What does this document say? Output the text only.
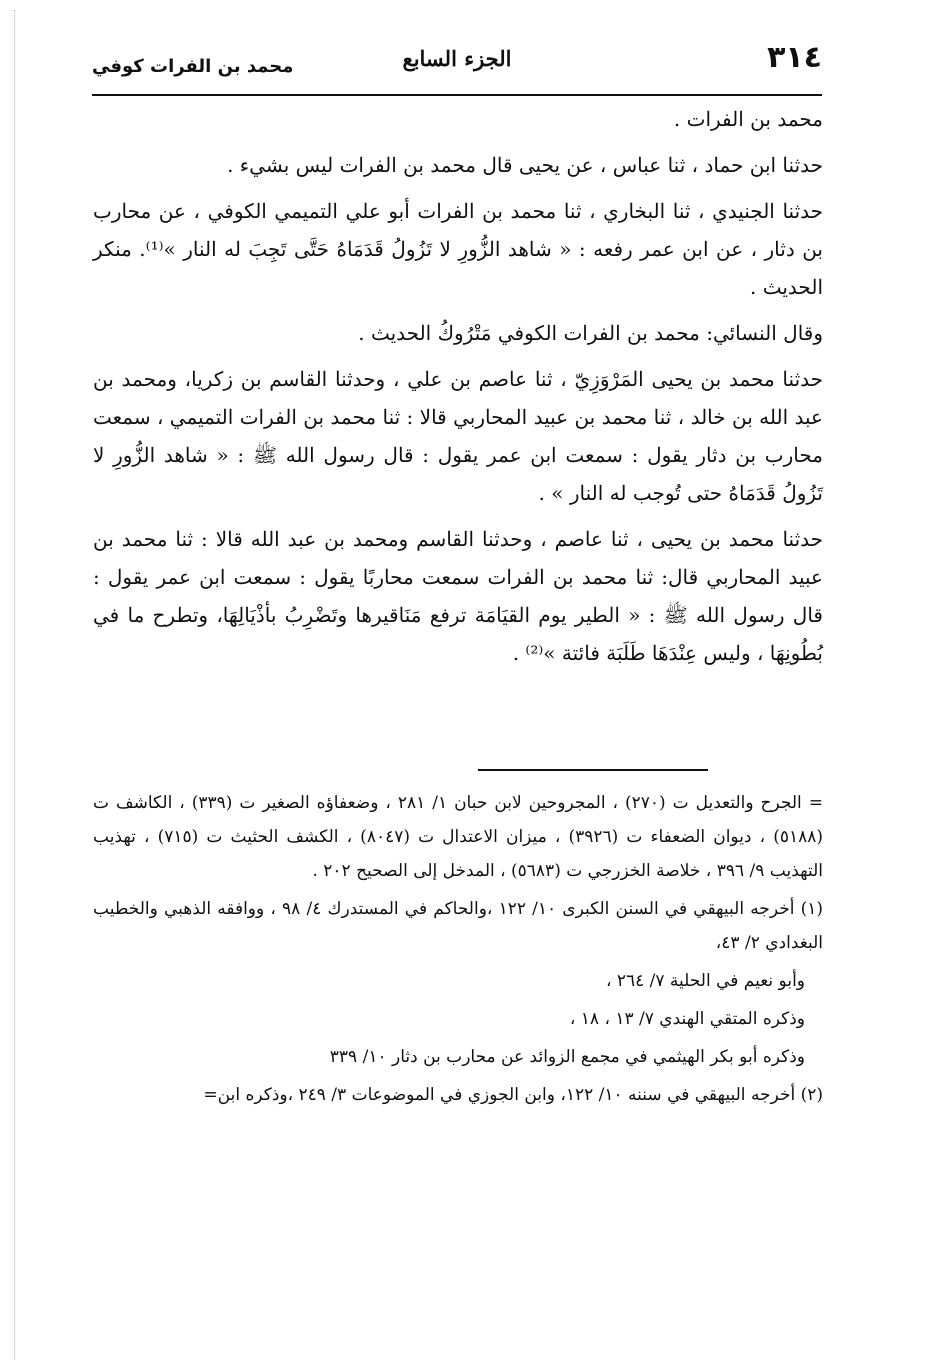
٣١٤
الجزء السابع
محمد بن الفرات كوفي

محمد بن الفرات .

حدثنا ابن حماد ، ثنا عباس ، عن يحيى قال محمد بن الفرات ليس بشيء .

حدثنا الجنيدي ، ثنا البخاري ، ثنا محمد بن الفرات أبو علي التميمي الكوفي ، عن محارب بن دثار ، عن ابن عمر رفعه : « شاهد الزُّورِ لا تَزُولُ قَدَمَاهُ حَتَّى تَجِبَ له النار »⁽¹⁾. منكر الحديث .

وقال النسائي: محمد بن الفرات الكوفي مَتْرُوكُ الحديث .

حدثنا محمد بن يحيى المَرْوَزِيّ ، ثنا عاصم بن علي ، وحدثنا القاسم بن زكريا، ومحمد بن عبد الله بن خالد ، ثنا محمد بن عبيد المحاربي قالا : ثنا محمد بن الفرات التميمي ، سمعت محارب بن دثار يقول : سمعت ابن عمر يقول : قال رسول الله ﷺ : « شاهد الزُّورِ لا تَزُولُ قَدَمَاهُ حتى تُوجب له النار » .

حدثنا محمد بن يحيى ، ثنا عاصم ، وحدثنا القاسم ومحمد بن عبد الله قالا : ثنا محمد بن عبيد المحاربي قال: ثنا محمد بن الفرات سمعت محاربًا يقول : سمعت ابن عمر يقول : قال رسول الله ﷺ : « الطير يوم القيَامَة ترفع مَنَاقيرها وتَضْرِبُ بأذْيَالِهَا، وتطرح ما في بُطُونِهَا ، وليس عِنْدَهَا طَلَبَة فائتة »⁽²⁾ .

= الجرح والتعديل ت (٢٧٠) ، المجروحين لابن حبان ١/ ٢٨١ ، وضعفاؤه الصغير ت (٣٣٩) ، الكاشف ت (٥١٨٨) ، ديوان الضعفاء ت (٣٩٢٦) ، ميزان الاعتدال ت (٨٠٤٧) ، الكشف الحثيث ت (٧١٥) ، تهذيب التهذيب ٩/ ٣٩٦ ، خلاصة الخزرجي ت (٥٦٨٣) ، المدخل إلى الصحيح ٢٠٢ .

(١) أخرجه البيهقي في السنن الكبرى ١٠/ ١٢٢ ،والحاكم في المستدرك ٤/ ٩٨ ، ووافقه الذهبي والخطيب البغدادي ٢/ ٤٣،

وأبو نعيم في الحلية ٧/ ٢٦٤ ،

وذكره المتقي الهندي ٧/ ١٣ ، ١٨ ،

وذكره أبو بكر الهيثمي في مجمع الزوائد عن محارب بن دثار ١٠/ ٣٣٩

(٢) أخرجه البيهقي في سننه ١٠/ ١٢٢، وابن الجوزي في الموضوعات ٣/ ٢٤٩ ،وذكره ابن=
